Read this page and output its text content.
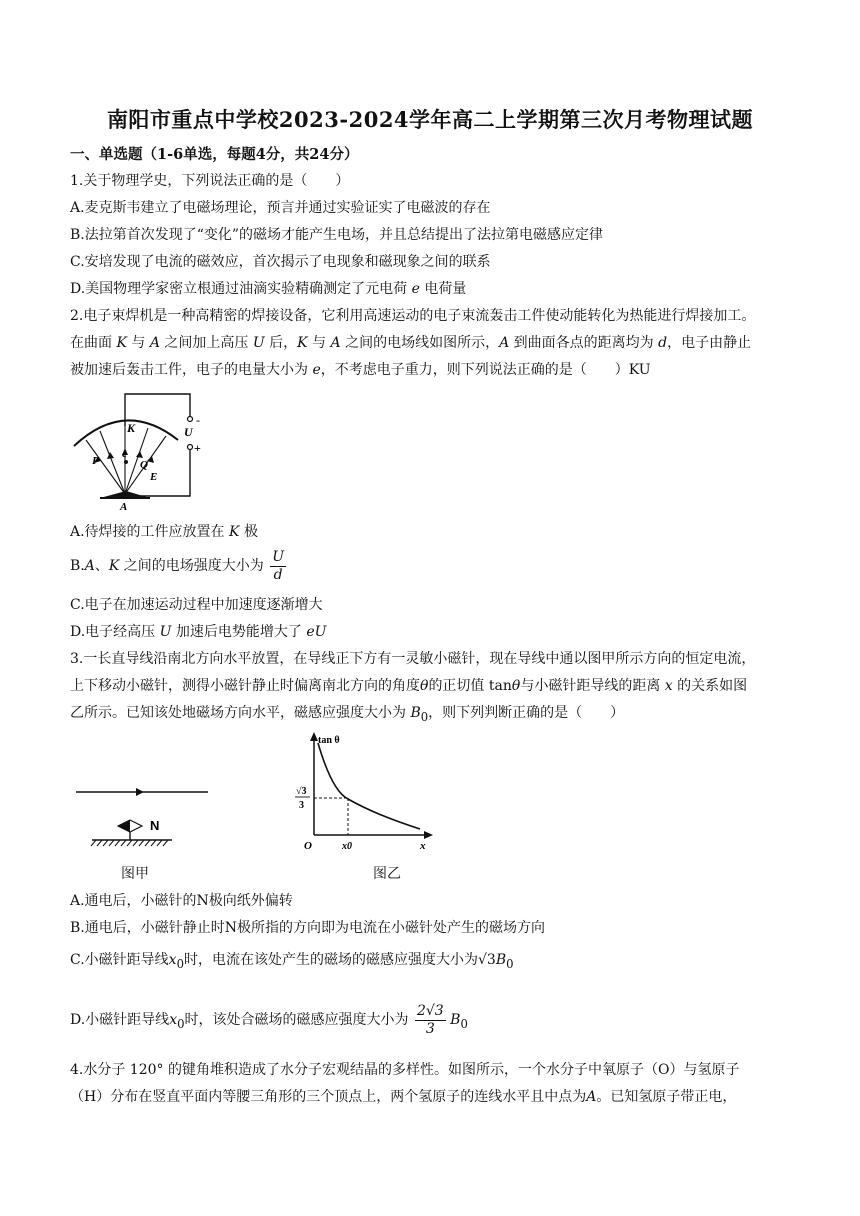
南阳市重点中学校2023-2024学年高二上学期第三次月考物理试题
一、单选题（1-6单选，每题4分，共24分）
1.关于物理学史，下列说法正确的是（　　）
A.麦克斯韦建立了电磁场理论，预言并通过实验证实了电磁波的存在
B.法拉第首次发现了“变化”的磁场才能产生电场，并且总结提出了法拉第电磁感应定律
C.安培发现了电流的磁效应，首次揭示了电现象和磁现象之间的联系
D.美国物理学家密立根通过油滴实验精确测定了元电荷 e 电荷量
2.电子束焊机是一种高精密的焊接设备，它利用高速运动的电子束流轰击工件使动能转化为热能进行焊接加工。
在曲面 K 与 A 之间加上高压 U 后，K 与 A 之间的电场线如图所示，A 到曲面各点的距离均为 d，电子由静止
被加速后轰击工件，电子的电量大小为 e，不考虑电子重力，则下列说法正确的是（　　）KU
K	U
-
+
P
e
Q
E
A
A.待焊接的工件应放置在 K 极
B.A、K 之间的电场强度大小为 $\frac{U}{d}$
C.电子在加速运动过程中加速度逐渐增大
D.电子经高压 U 加速后电势能增大了 eU
3.一长直导线沿南北方向水平放置，在导线正下方有一灵敏小磁针，现在导线中通以图甲所示方向的恒定电流，
上下移动小磁针，测得小磁针静止时偏离南北方向的角度θ的正切值 tanθ与小磁针距导线的距离 x 的关系如图
乙所示。已知该处地磁场方向水平，磁感应强度大小为 $B_0$，则下列判断正确的是（　　）
N
图甲
tan θ
x
O	x0
√3
3
图乙
A.通电后，小磁针的N极向纸外偏转
B.通电后，小磁针静止时N极所指的方向即为电流在小磁针处产生的磁场方向
C.小磁针距导线$x_0$时，电流在该处产生的磁场的磁感应强度大小为$√3B_0$
D.小磁针距导线$x_0$时，该处合磁场的磁感应强度大小为 $\frac{2√3}{3} B_0$
4.水分子 120° 的键角堆积造成了水分子宏观结晶的多样性。如图所示，一个水分子中氧原子（O）与氢原子
（H）分布在竖直平面内等腰三角形的三个顶点上，两个氢原子的连线水平且中点为A。已知氢原子带正电，
